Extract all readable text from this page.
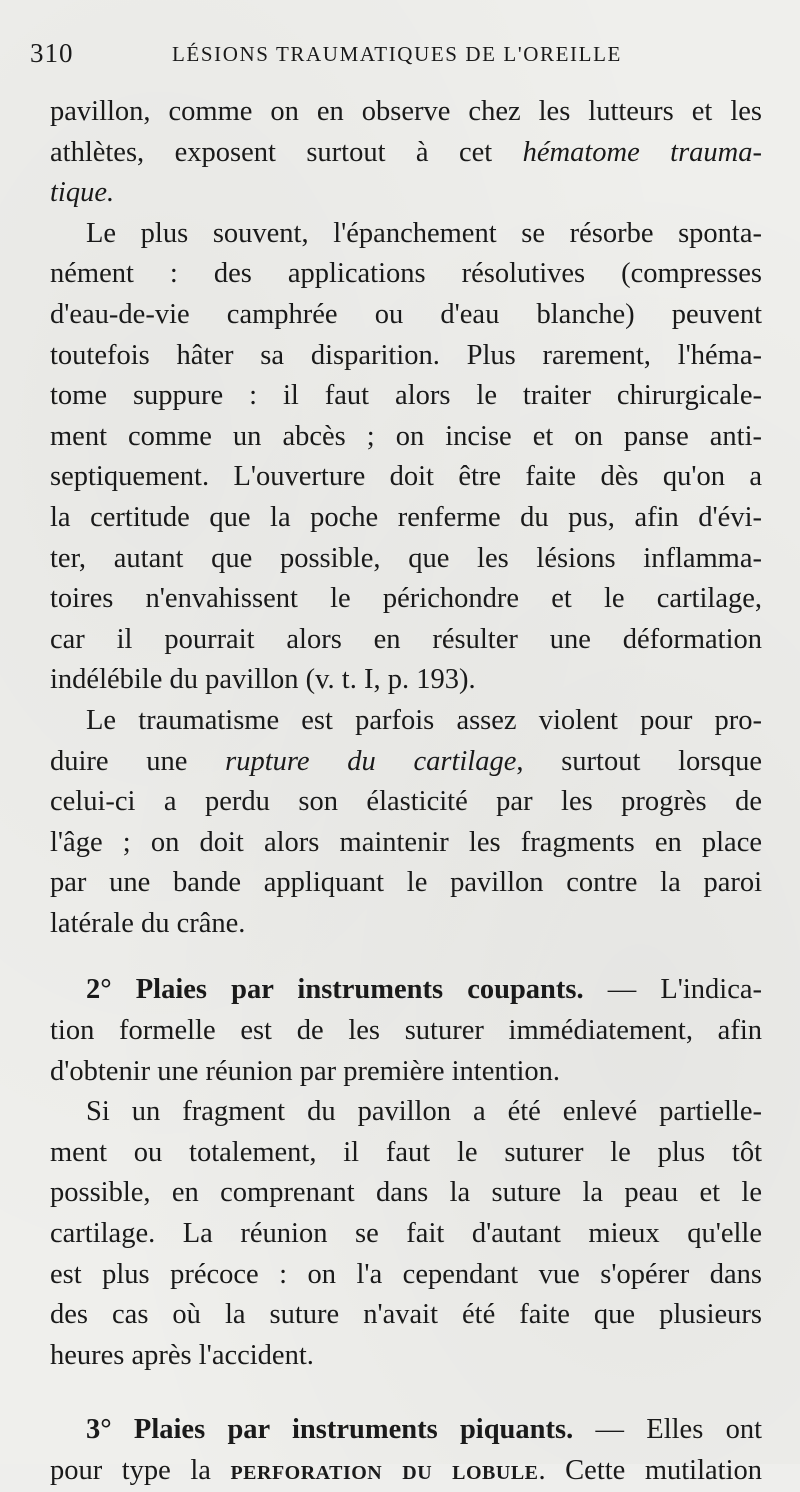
310	LÉSIONS TRAUMATIQUES DE L'OREILLE
pavillon, comme on en observe chez les lutteurs et les
athlètes, exposent surtout à cet hématome trauma-
tique.
Le plus souvent, l'épanchement se résorbe sponta-
nément : des applications résolutives (compresses
d'eau-de-vie camphrée ou d'eau blanche) peuvent
toutefois hâter sa disparition. Plus rarement, l'héma-
tome suppure : il faut alors le traiter chirurgicale-
ment comme un abcès ; on incise et on panse anti-
septiquement. L'ouverture doit être faite dès qu'on a
la certitude que la poche renferme du pus, afin d'évi-
ter, autant que possible, que les lésions inflamma-
toires n'envahissent le périchondre et le cartilage,
car il pourrait alors en résulter une déformation
indélébile du pavillon (v. t. I, p. 193).
Le traumatisme est parfois assez violent pour pro-
duire une rupture du cartilage, surtout lorsque
celui-ci a perdu son élasticité par les progrès de
l'âge ; on doit alors maintenir les fragments en place
par une bande appliquant le pavillon contre la paroi
latérale du crâne.
2° Plaies par instruments coupants. — L'indica-
tion formelle est de les suturer immédiatement, afin
d'obtenir une réunion par première intention.
Si un fragment du pavillon a été enlevé partielle-
ment ou totalement, il faut le suturer le plus tôt
possible, en comprenant dans la suture la peau et le
cartilage. La réunion se fait d'autant mieux qu'elle
est plus précoce : on l'a cependant vue s'opérer dans
des cas où la suture n'avait été faite que plusieurs
heures après l'accident.
3° Plaies par instruments piquants. — Elles ont
pour type la perforation du lobule. Cette mutilation
